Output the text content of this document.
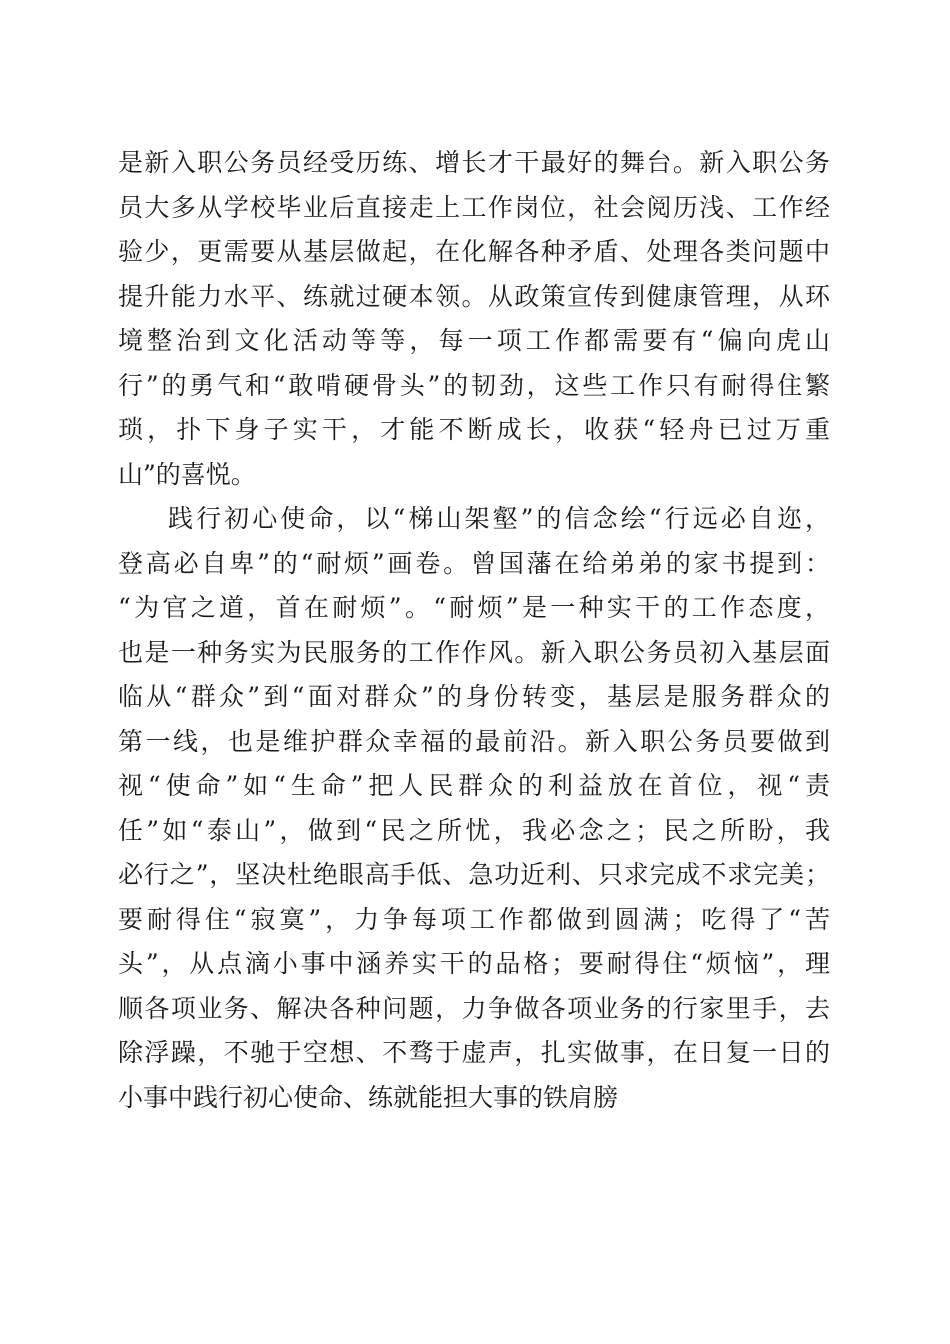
是新入职公务员经受历练、增长才干最好的舞台。新入职公务
员大多从学校毕业后直接走上工作岗位，社会阅历浅、工作经
验少，更需要从基层做起，在化解各种矛盾、处理各类问题中
提升能力水平、练就过硬本领。从政策宣传到健康管理，从环
境整治到文化活动等等，每一项工作都需要有“偏向虎山
行”的勇气和“敢啃硬骨头”的韧劲，这些工作只有耐得住繁
琐，扑下身子实干，才能不断成长，收获“轻舟已过万重
山”的喜悦。
践行初心使命，以“梯山架壑”的信念绘“行远必自迩，
登高必自卑”的“耐烦”画卷。曾国藩在给弟弟的家书提到：
“为官之道，首在耐烦”。“耐烦”是一种实干的工作态度，
也是一种务实为民服务的工作作风。新入职公务员初入基层面
临从“群众”到“面对群众”的身份转变，基层是服务群众的
第一线，也是维护群众幸福的最前沿。新入职公务员要做到
视“使命”如“生命”把人民群众的利益放在首位，视“责
任”如“泰山”，做到“民之所忧，我必念之；民之所盼，我
必行之”，坚决杜绝眼高手低、急功近利、只求完成不求完美；
要耐得住“寂寞”，力争每项工作都做到圆满；吃得了“苦
头”，从点滴小事中涵养实干的品格；要耐得住“烦恼”，理
顺各项业务、解决各种问题，力争做各项业务的行家里手，去
除浮躁，不驰于空想、不骛于虚声，扎实做事，在日复一日的
小事中践行初心使命、练就能担大事的铁肩膀
